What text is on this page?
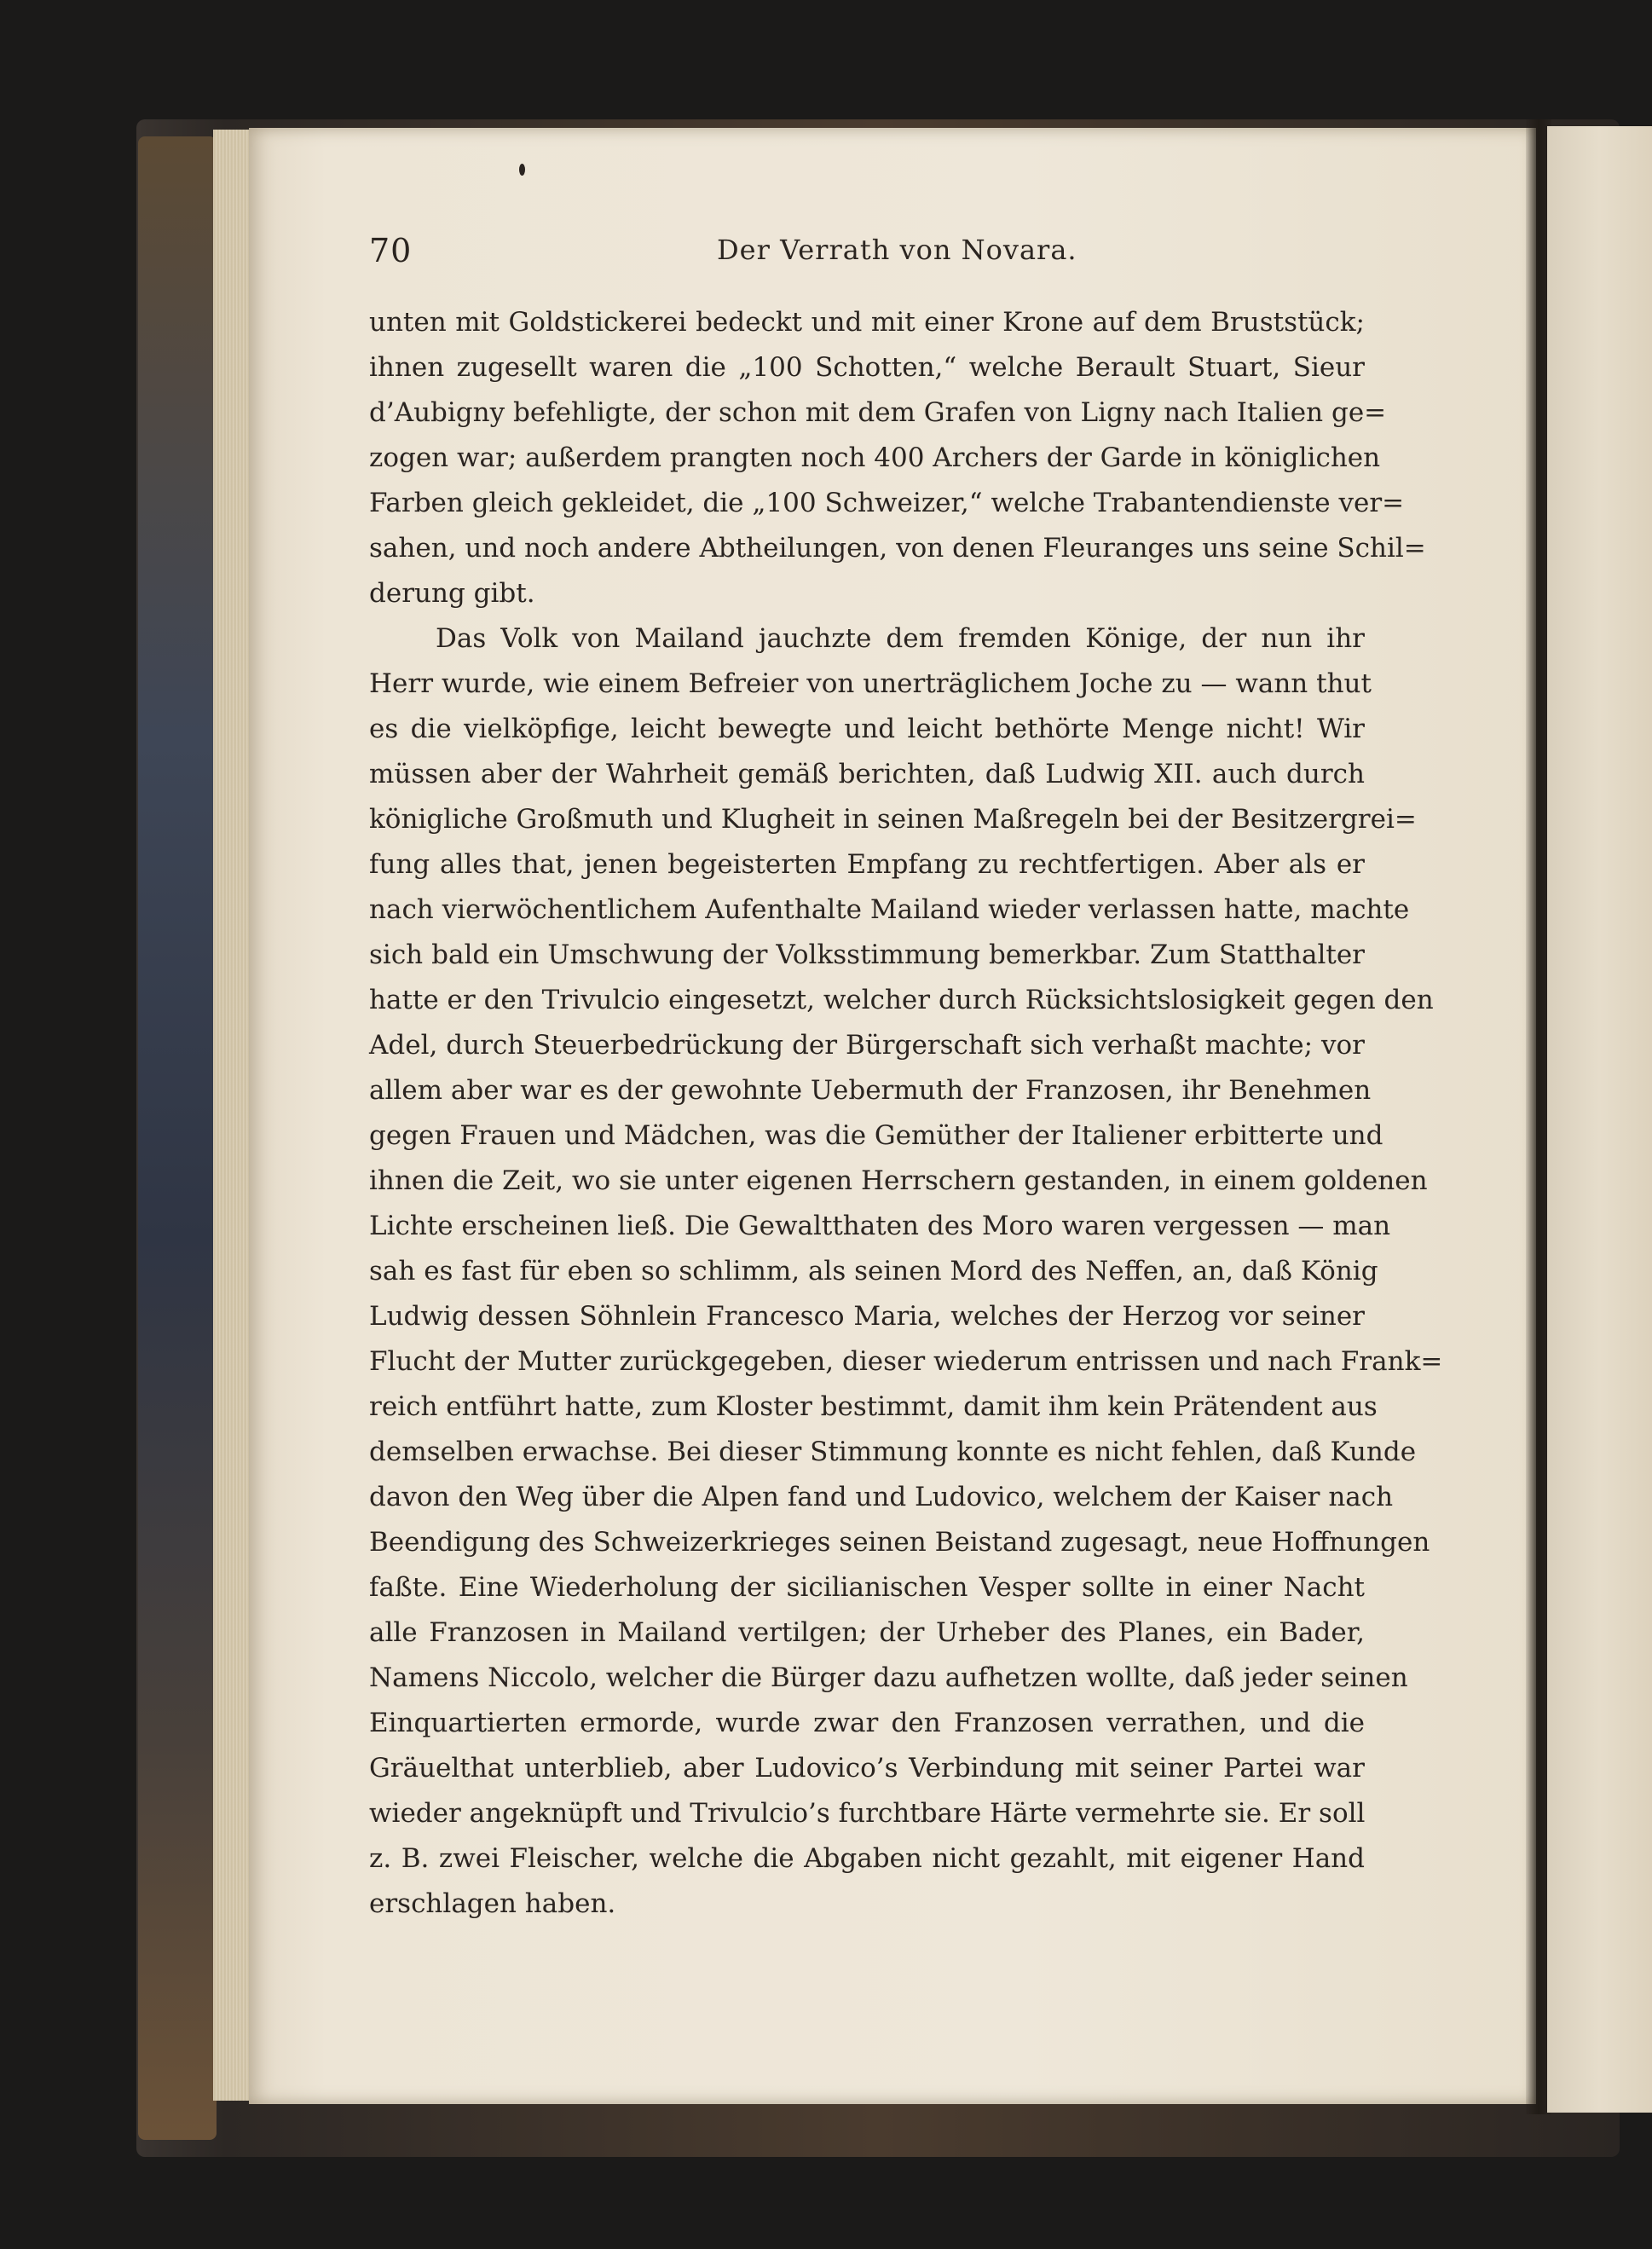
70	Der Verrath von Novara.
unten mit Goldstickerei bedeckt und mit einer Krone auf dem Bruststück;
ihnen zugesellt waren die „100 Schotten,“ welche Berault Stuart, Sieur
d’Aubigny befehligte, der schon mit dem Grafen von Ligny nach Italien ge=
zogen war; außerdem prangten noch 400 Archers der Garde in königlichen
Farben gleich gekleidet, die „100 Schweizer,“ welche Trabantendienste ver=
sahen, und noch andere Abtheilungen, von denen Fleuranges uns seine Schil=
derung gibt.
Das Volk von Mailand jauchzte dem fremden Könige, der nun ihr
Herr wurde, wie einem Befreier von unerträglichem Joche zu — wann thut
es die vielköpfige, leicht bewegte und leicht bethörte Menge nicht! Wir
müssen aber der Wahrheit gemäß berichten, daß Ludwig XII. auch durch
königliche Großmuth und Klugheit in seinen Maßregeln bei der Besitzergrei=
fung alles that, jenen begeisterten Empfang zu rechtfertigen. Aber als er
nach vierwöchentlichem Aufenthalte Mailand wieder verlassen hatte, machte
sich bald ein Umschwung der Volksstimmung bemerkbar. Zum Statthalter
hatte er den Trivulcio eingesetzt, welcher durch Rücksichtslosigkeit gegen den
Adel, durch Steuerbedrückung der Bürgerschaft sich verhaßt machte; vor
allem aber war es der gewohnte Uebermuth der Franzosen, ihr Benehmen
gegen Frauen und Mädchen, was die Gemüther der Italiener erbitterte und
ihnen die Zeit, wo sie unter eigenen Herrschern gestanden, in einem goldenen
Lichte erscheinen ließ. Die Gewaltthaten des Moro waren vergessen — man
sah es fast für eben so schlimm, als seinen Mord des Neffen, an, daß König
Ludwig dessen Söhnlein Francesco Maria, welches der Herzog vor seiner
Flucht der Mutter zurückgegeben, dieser wiederum entrissen und nach Frank=
reich entführt hatte, zum Kloster bestimmt, damit ihm kein Prätendent aus
demselben erwachse. Bei dieser Stimmung konnte es nicht fehlen, daß Kunde
davon den Weg über die Alpen fand und Ludovico, welchem der Kaiser nach
Beendigung des Schweizerkrieges seinen Beistand zugesagt, neue Hoffnungen
faßte. Eine Wiederholung der sicilianischen Vesper sollte in einer Nacht
alle Franzosen in Mailand vertilgen; der Urheber des Planes, ein Bader,
Namens Niccolo, welcher die Bürger dazu aufhetzen wollte, daß jeder seinen
Einquartierten ermorde, wurde zwar den Franzosen verrathen, und die
Gräuelthat unterblieb, aber Ludovico’s Verbindung mit seiner Partei war
wieder angeknüpft und Trivulcio’s furchtbare Härte vermehrte sie. Er soll
z. B. zwei Fleischer, welche die Abgaben nicht gezahlt, mit eigener Hand
erschlagen haben.
